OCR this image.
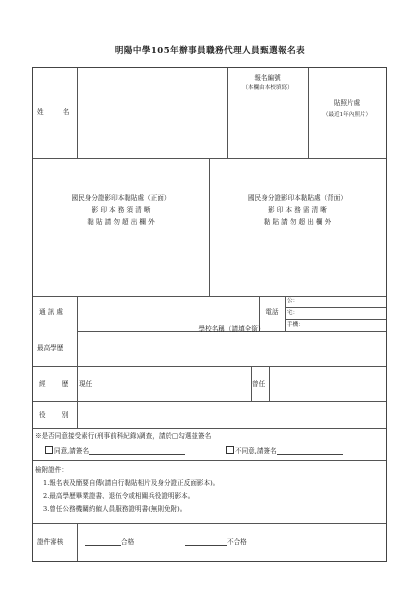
明陽中學105年辦事員職務代理人員甄選報名表
姓　　名
報名編號
（本欄由本校填寫）
貼照片處
（最近1年內照片）
國民身分證影印本黏貼處（正面）
影 印 本 務 須 清 晰
黏 貼 請 勿 超 出 欄 外
國民身分證影印本黏貼處（背面）
影 印 本 務 需 清 晰
黏 貼 請 勿 超 出 欄 外
通 訊 處	電話
公：
宅：
手機：
學校名稱（請填全銜）
最高學歷
經　　歷 現任	曾任
役　　別
※是否同意接受素行(刑事前科紀錄)調查，請於□勾選並簽名
同意,請簽名	不同意,請簽名
檢附證件：
1.報名表及簡要自傳(請自行黏貼相片及身分證正反面影本)。
2.最高學歷畢業證書、退伍令或相關兵役證明影本。
3.曾任公務機關約僱人員服務證明書(無則免附)。
證件審核	合格	不合格
